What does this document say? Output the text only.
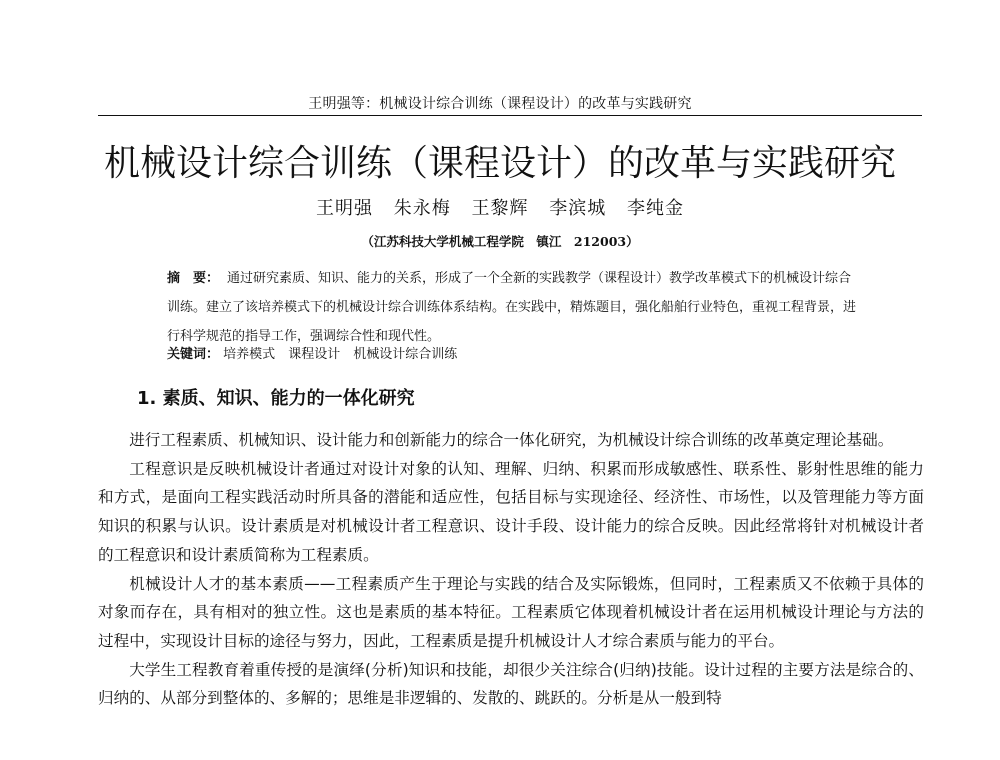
王明强等：机械设计综合训练（课程设计）的改革与实践研究
机械设计综合训练（课程设计）的改革与实践研究
王明强 朱永梅 王黎辉 李滨城 李纯金
（江苏科技大学机械工程学院　镇江　212003）

摘　要： 通过研究素质、知识、能力的关系，形成了一个全新的实践教学（课程设计）教学改革模式下的机械设计综合训练。建立了该培养模式下的机械设计综合训练体系结构。在实践中，精炼题目，强化船舶行业特色，重视工程背景，进行科学规范的指导工作，强调综合性和现代性。

关键词： 培养模式　 课程设计　 机械设计综合训练
1. 素质、知识、能力的一体化研究

进行工程素质、机械知识、设计能力和创新能力的综合一体化研究，为机械设计综合训练的改革奠定理论基础。

工程意识是反映机械设计者通过对设计对象的认知、理解、归纳、积累而形成敏感性、联系性、影射性思维的能力和方式，是面向工程实践活动时所具备的潜能和适应性，包括目标与实现途径、经济性、市场性，以及管理能力等方面知识的积累与认识。设计素质是对机械设计者工程意识、设计手段、设计能力的综合反映。因此经常将针对机械设计者的工程意识和设计素质简称为工程素质。

机械设计人才的基本素质——工程素质产生于理论与实践的结合及实际锻炼，但同时，工程素质又不依赖于具体的对象而存在，具有相对的独立性。这也是素质的基本特征。工程素质它体现着机械设计者在运用机械设计理论与方法的过程中，实现设计目标的途径与努力，因此，工程素质是提升机械设计人才综合素质与能力的平台。

大学生工程教育着重传授的是演绎(分析)知识和技能，却很少关注综合(归纳)技能。设计过程的主要方法是综合的、归纳的、从部分到整体的、多解的；思维是非逻辑的、发散的、跳跃的。分析是从一般到特
